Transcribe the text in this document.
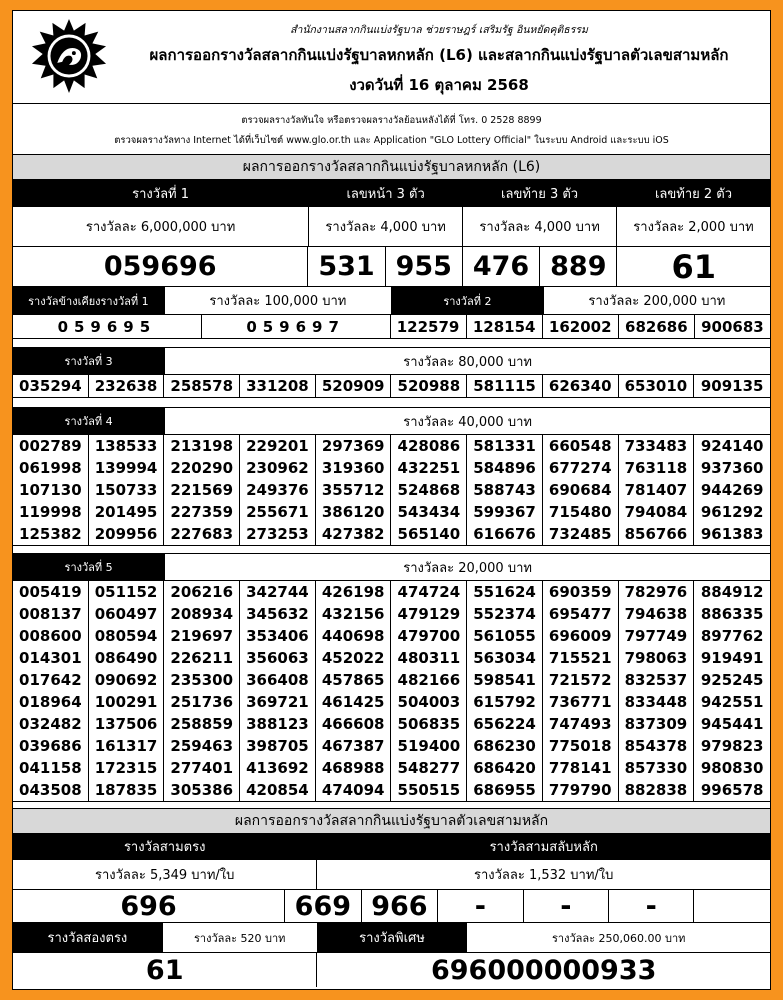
สำนักงานสลากกินแบ่งรัฐบาล ช่วยราษฎร์ เสริมรัฐ อินหยัดคุติธรรม
ผลการออกรางวัลสลากกินแบ่งรัฐบาลหกหลัก (L6) และสลากกินแบ่งรัฐบาลตัวเลขสามหลัก
งวดวันที่ 16 ตุลาคม 2568
ตรวจผลรางวัลทันใจ หรือตรวจผลรางวัลย้อนหลังได้ที่ โทร. 0 2528 8899
ตรวจผลรางวัลทาง Internet ได้ที่เว็บไซต์ www.glo.or.th และ Application "GLO Lottery Official" ในระบบ Android และระบบ iOS
ผลการออกรางวัลสลากกินแบ่งรัฐบาลหกหลัก (L6)
รางวัลที่ 1	เลขหน้า 3 ตัว	เลขท้าย 3 ตัว	เลขท้าย 2 ตัว
รางวัลละ 6,000,000 บาท	รางวัลละ 4,000 บาท	รางวัลละ 4,000 บาท	รางวัลละ 2,000 บาท
059696	531 955 476 889	61
รางวัลข้างเคียงรางวัลที่ 1	รางวัลละ 100,000 บาท	รางวัลที่ 2	รางวัลละ 200,000 บาท
059695	059697	122579 128154 162002 682686 900683
รางวัลที่ 3	รางวัลละ 80,000 บาท
035294 232638 258578 331208 520909 520988 581115 626340 653010 909135
รางวัลที่ 4	รางวัลละ 40,000 บาท
002789 138533 213198 229201 297369 428086 581331 660548 733483 924140
061998 139994 220290 230962 319360 432251 584896 677274 763118 937360
107130 150733 221569 249376 355712 524868 588743 690684 781407 944269
119998 201495 227359 255671 386120 543434 599367 715480 794084 961292
125382 209956 227683 273253 427382 565140 616676 732485 856766 961383
รางวัลที่ 5	รางวัลละ 20,000 บาท
005419 051152 206216 342744 426198 474724 551624 690359 782976 884912
008137 060497 208934 345632 432156 479129 552374 695477 794638 886335
008600 080594 219697 353406 440698 479700 561055 696009 797749 897762
014301 086490 226211 356063 452022 480311 563034 715521 798063 919491
017642 090692 235300 366408 457865 482166 598541 721572 832537 925245
018964 100291 251736 369721 461425 504003 615792 736771 833448 942551
032482 137506 258859 388123 466608 506835 656224 747493 837309 945441
039686 161317 259463 398705 467387 519400 686230 775018 854378 979823
041158 172315 277401 413692 468988 548277 686420 778141 857330 980830
043508 187835 305386 420854 474094 550515 686955 779790 882838 996578
ผลการออกรางวัลสลากกินแบ่งรัฐบาลตัวเลขสามหลัก
รางวัลสามตรง	รางวัลสามสลับหลัก
รางวัลละ 5,349 บาท/ใบ	รางวัลละ 1,532 บาท/ใบ
696	669 966	-	-	-
รางวัลสองตรง	รางวัลละ 520 บาท	รางวัลพิเศษ	รางวัลละ 250,060.00 บาท
61	696000000933
